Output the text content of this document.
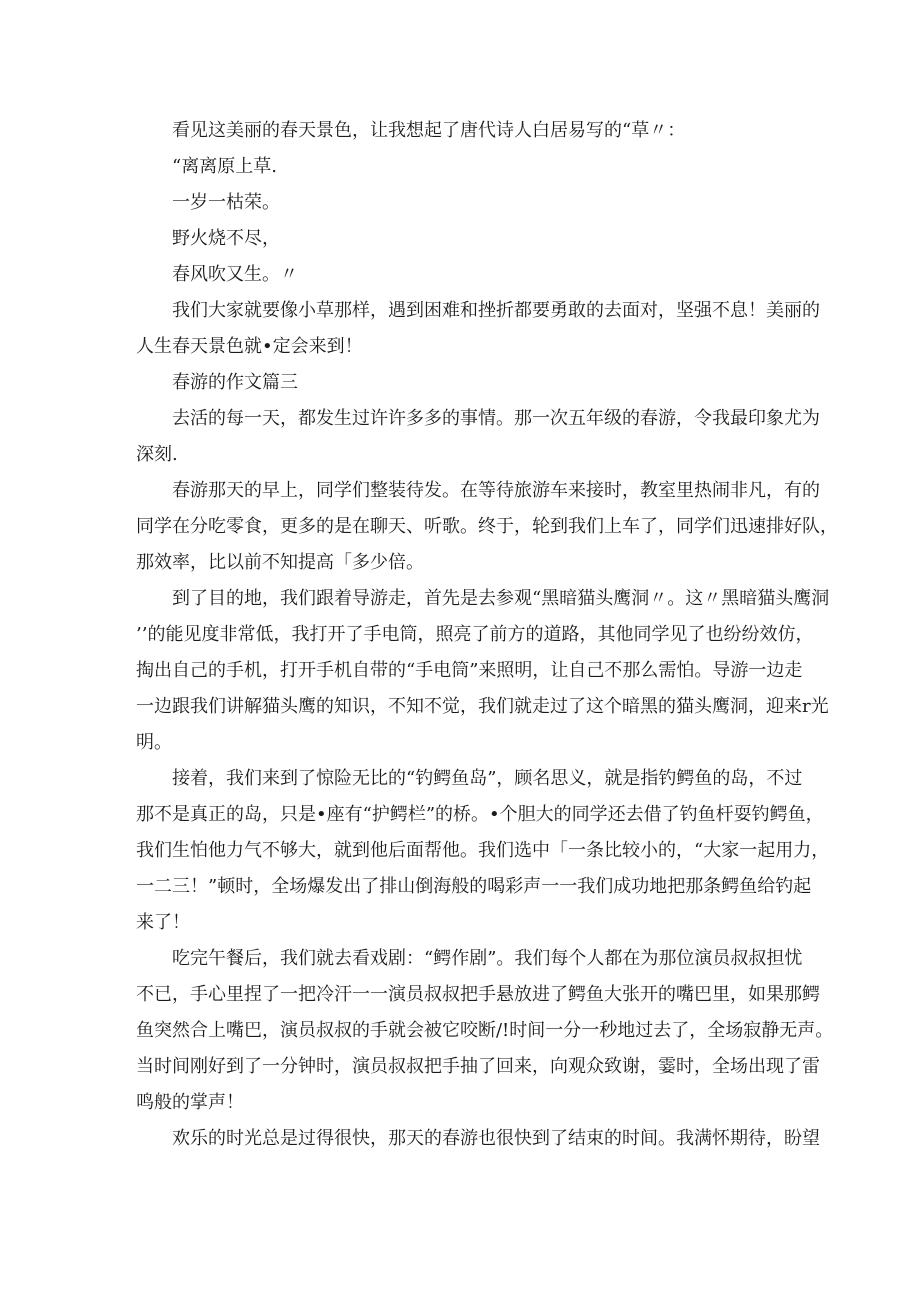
看见这美丽的春天景色，让我想起了唐代诗人白居易写的“草〃：

“离离原上草.

一岁一枯荣。

野火烧不尽，

春风吹又生。〃

我们大家就要像小草那样，遇到困难和挫折都要勇敢的去面对，坚强不息！美丽的

人生春天景色就•定会来到！

春游的作文篇三

去活的每一天，都发生过许许多多的事情。那一次五年级的春游，令我最印象尤为

深刻.

春游那天的早上，同学们整装待发。在等待旅游车来接时，教室里热闹非凡，有的

同学在分吃零食，更多的是在聊天、听歌。终于，轮到我们上车了，同学们迅速排好队，

那效率，比以前不知提高「多少倍。

到了目的地，我们跟着导游走，首先是去参观“黑暗猫头鹰洞〃。这〃黑暗猫头鹰洞

’’的能见度非常低，我打开了手电筒，照亮了前方的道路，其他同学见了也纷纷效仿，

掏出自己的手机，打开手机自带的“手电筒”来照明，让自己不那么需怕。导游一边走

一边跟我们讲解猫头鹰的知识，不知不觉，我们就走过了这个暗黑的猫头鹰洞，迎来r光

明。

接着，我们来到了惊险无比的“钓鳄鱼岛”，顾名思义，就是指钓鳄鱼的岛，不过

那不是真正的岛，只是•座有“护鳄栏”的桥。•个胆大的同学还去借了钓鱼杆耍钓鳄鱼，

我们生怕他力气不够大，就到他后面帮他。我们选中「一条比较小的，“大家一起用力，

一二三！”顿时，全场爆发出了排山倒海般的喝彩声一一我们成功地把那条鳄鱼给钓起

来了！

吃完午餐后，我们就去看戏剧：“鳄作剧”。我们每个人都在为那位演员叔叔担忧

不已，手心里捏了一把冷汗一一演员叔叔把手悬放进了鳄鱼大张开的嘴巴里，如果那鳄

鱼突然合上嘴巴，演员叔叔的手就会被它咬断/!时间一分一秒地过去了，全场寂静无声。

当时间刚好到了一分钟时，演员叔叔把手抽了回来，向观众致谢，霎时，全场出现了雷

鸣般的掌声！

欢乐的时光总是过得很快，那天的春游也很快到了结束的时间。我满怀期待，盼望
